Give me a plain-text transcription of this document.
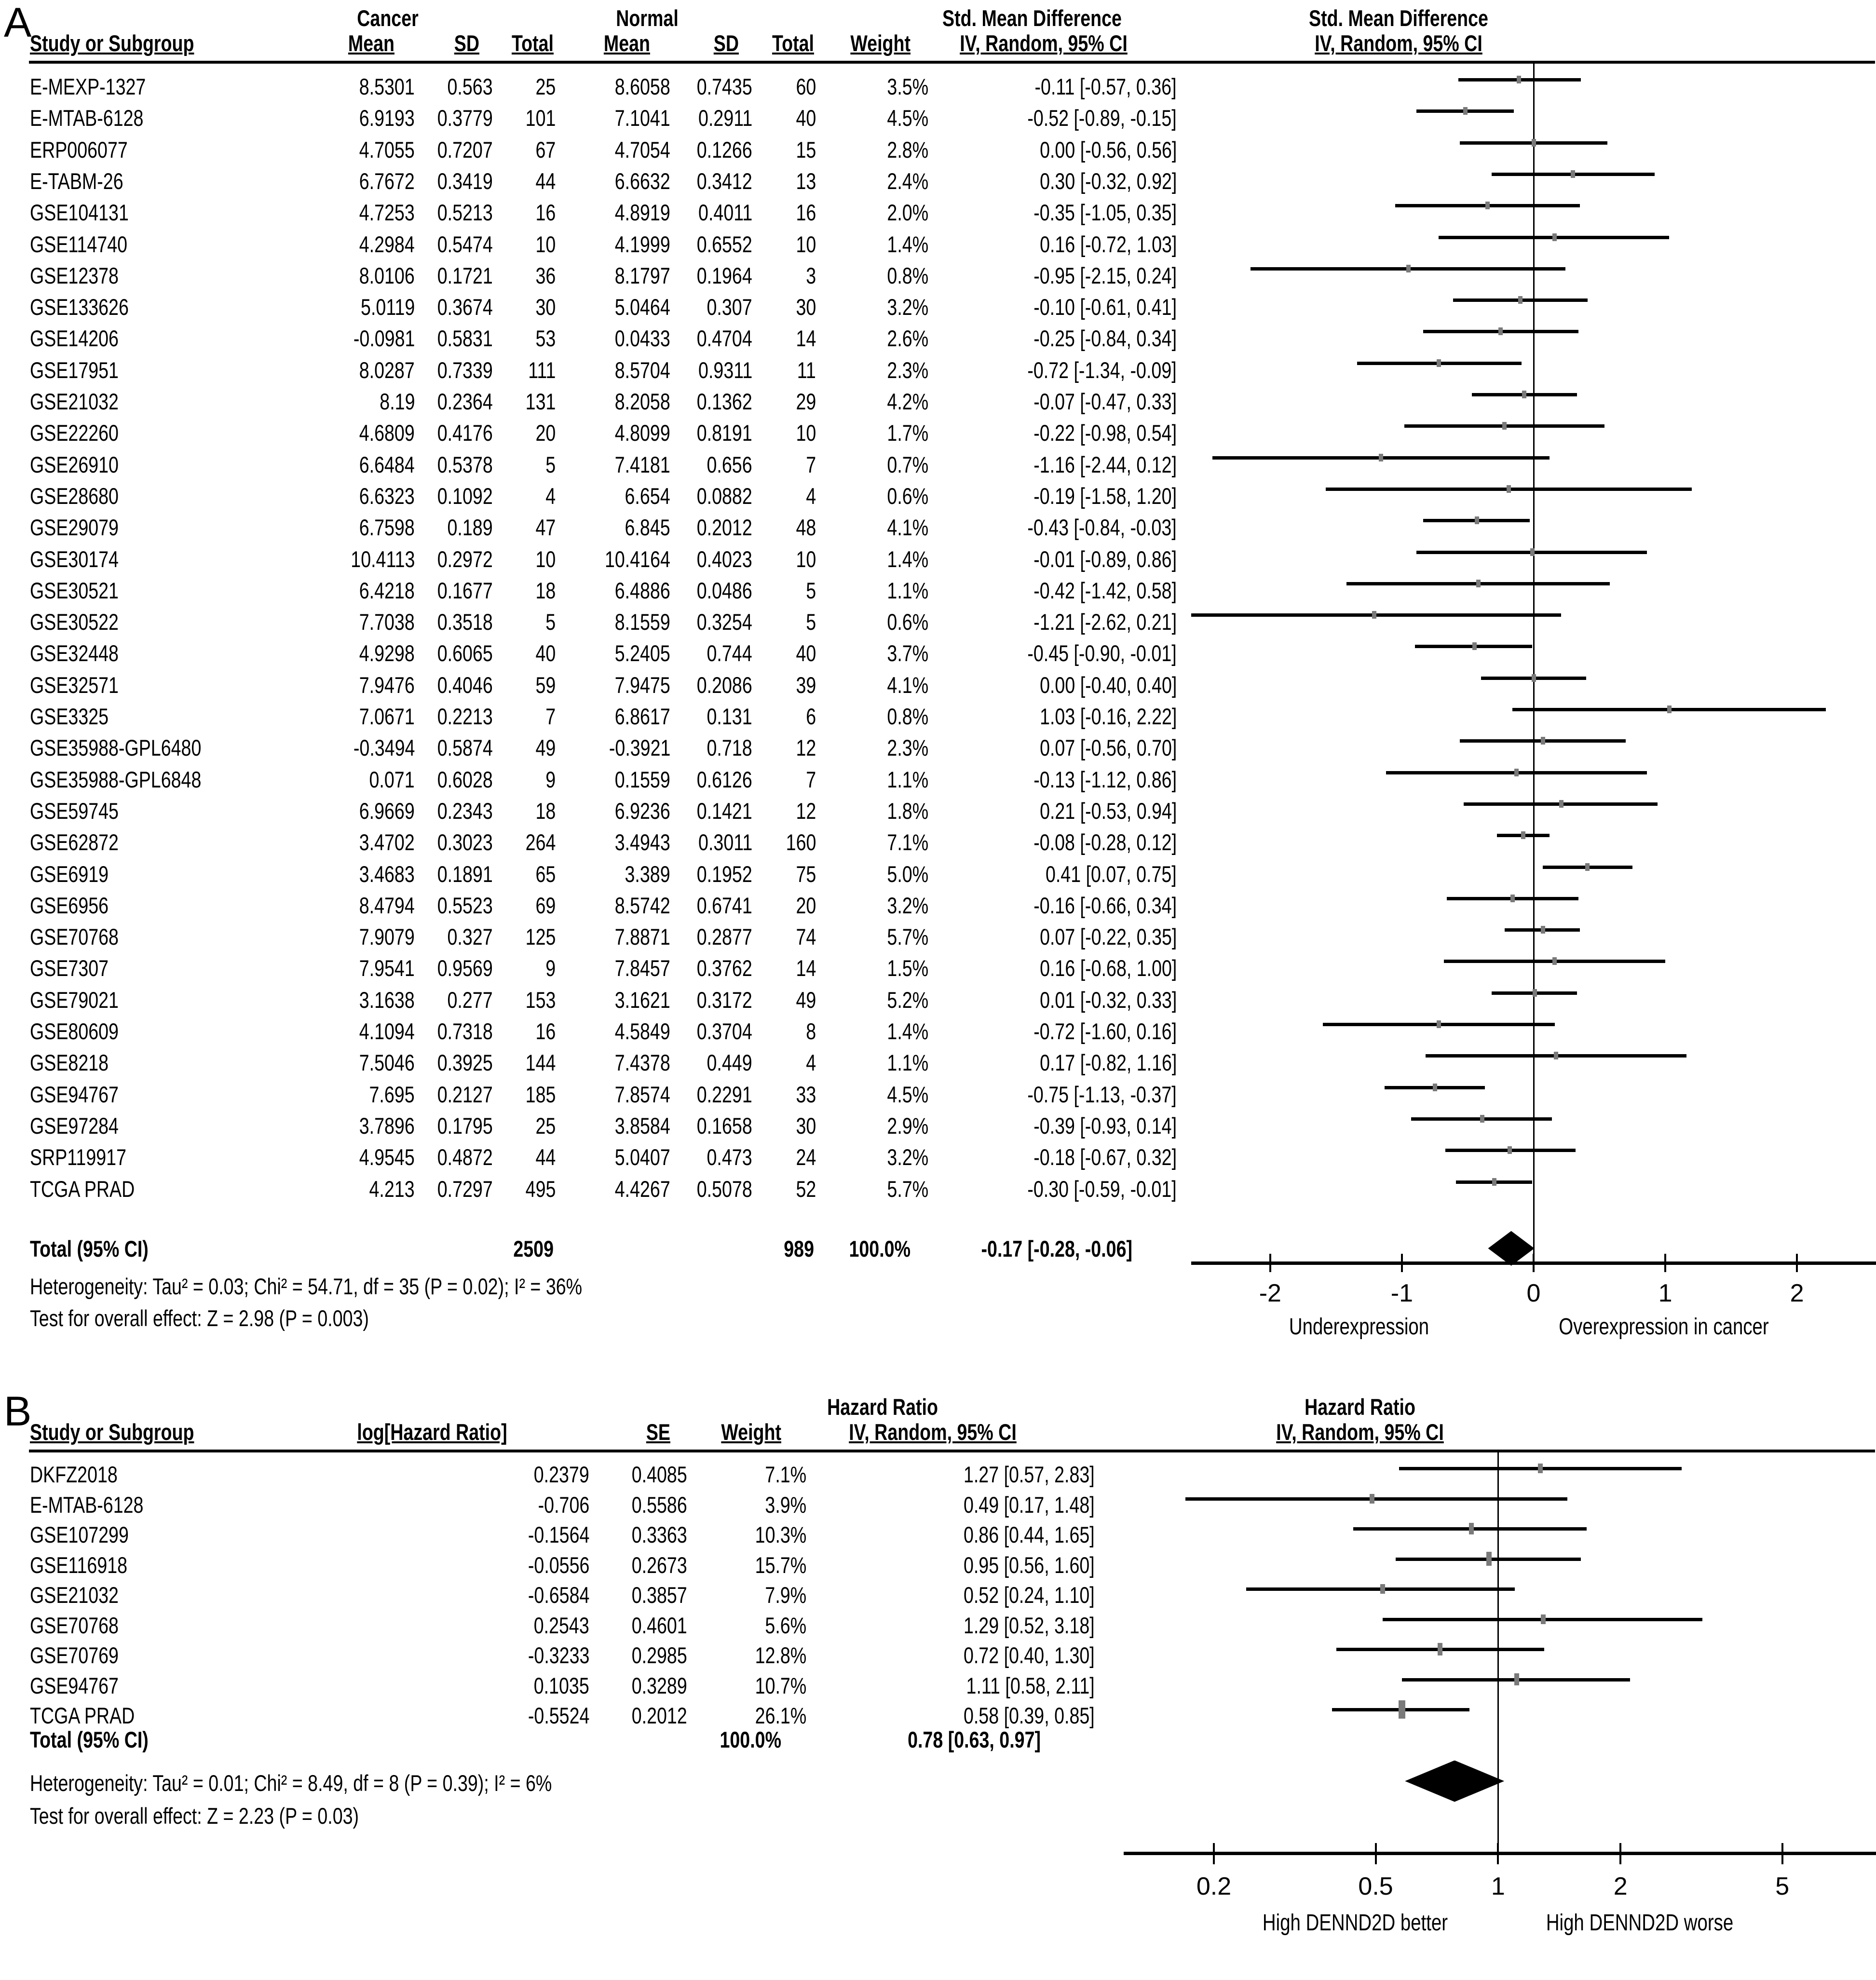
A	Cancer	Normal	Std. Mean Difference	Std. Mean Difference
Study or Subgroup	Mean	SD	Total	Mean	SD	Total	Weight IV, Random, 95% CI	IV, Random, 95% CI
E-MEXP-1327	8.5301 0.563 25	8.6058 0.7435 60	3.5%	-0.11 [-0.57, 0.36]
E-MTAB-6128	6.9193 0.3779 101	7.1041 0.2911 40	4.5%	-0.52 [-0.89, -0.15]
ERP006077	4.7055 0.7207 67	4.7054 0.1266 15	2.8%	0.00 [-0.56, 0.56]
E-TABM-26	6.7672 0.3419 44	6.6632 0.3412 13	2.4%	0.30 [-0.32, 0.92]
GSE104131	4.7253 0.5213 16	4.8919 0.4011 16	2.0%	-0.35 [-1.05, 0.35]
GSE114740	4.2984 0.5474 10	4.1999 0.6552 10	1.4%	0.16 [-0.72, 1.03]
GSE12378	8.0106 0.1721 36	8.1797 0.1964 3	0.8%	-0.95 [-2.15, 0.24]
GSE133626	5.0119 0.3674 30	5.0464 0.307 30	3.2%	-0.10 [-0.61, 0.41]
GSE14206	-0.0981 0.5831 53	0.0433 0.4704 14	2.6%	-0.25 [-0.84, 0.34]
GSE17951	8.0287 0.7339 111	8.5704 0.9311 11	2.3%	-0.72 [-1.34, -0.09]
GSE21032	8.19 0.2364 131	8.2058 0.1362 29	4.2%	-0.07 [-0.47, 0.33]
GSE22260	4.6809 0.4176 20	4.8099 0.8191 10	1.7%	-0.22 [-0.98, 0.54]
GSE26910	6.6484 0.5378 5	7.4181 0.656 7	0.7%	-1.16 [-2.44, 0.12]
GSE28680	6.6323 0.1092 4	6.654 0.0882 4	0.6%	-0.19 [-1.58, 1.20]
GSE29079	6.7598 0.189 47	6.845 0.2012 48	4.1%	-0.43 [-0.84, -0.03]
GSE30174	10.4113 0.2972 10 10.4164 0.4023 10	1.4%	-0.01 [-0.89, 0.86]
GSE30521	6.4218 0.1677 18	6.4886 0.0486 5	1.1%	-0.42 [-1.42, 0.58]
GSE30522	7.7038 0.3518 5	8.1559 0.3254 5	0.6%	-1.21 [-2.62, 0.21]
GSE32448	4.9298 0.6065 40	5.2405 0.744 40	3.7%	-0.45 [-0.90, -0.01]
GSE32571	7.9476 0.4046 59	7.9475 0.2086 39	4.1%	0.00 [-0.40, 0.40]
GSE3325	7.0671 0.2213 7	6.8617 0.131 6	0.8%	1.03 [-0.16, 2.22]
GSE35988-GPL6480	-0.3494 0.5874 49 -0.3921 0.718 12	2.3%	0.07 [-0.56, 0.70]
GSE35988-GPL6848	0.071 0.6028 9	0.1559 0.6126 7	1.1%	-0.13 [-1.12, 0.86]
GSE59745	6.9669 0.2343 18	6.9236 0.1421 12	1.8%	0.21 [-0.53, 0.94]
GSE62872	3.4702 0.3023 264	3.4943 0.3011 160	7.1%	-0.08 [-0.28, 0.12]
GSE6919	3.4683 0.1891 65	3.389 0.1952 75	5.0%	0.41 [0.07, 0.75]
GSE6956	8.4794 0.5523 69	8.5742 0.6741 20	3.2%	-0.16 [-0.66, 0.34]
GSE70768	7.9079 0.327 125	7.8871 0.2877 74	5.7%	0.07 [-0.22, 0.35]
GSE7307	7.9541 0.9569 9	7.8457 0.3762 14	1.5%	0.16 [-0.68, 1.00]
GSE79021	3.1638 0.277 153	3.1621 0.3172 49	5.2%	0.01 [-0.32, 0.33]
GSE80609	4.1094 0.7318 16	4.5849 0.3704 8	1.4%	-0.72 [-1.60, 0.16]
GSE8218	7.5046 0.3925 144	7.4378 0.449 4	1.1%	0.17 [-0.82, 1.16]
GSE94767	7.695 0.2127 185	7.8574 0.2291 33	4.5%	-0.75 [-1.13, -0.37]
GSE97284	3.7896 0.1795 25	3.8584 0.1658 30	2.9%	-0.39 [-0.93, 0.14]
SRP119917	4.9545 0.4872 44	5.0407 0.473 24	3.2%	-0.18 [-0.67, 0.32]
TCGA PRAD	4.213 0.7297 495	4.4267 0.5078 52	5.7%	-0.30 [-0.59, -0.01]
Total (95% CI)	2509	989	100.0%	-0.17 [-0.28, -0.06]
Heterogeneity: Tau² = 0.03; Chi² = 54.71, df = 35 (P = 0.02); I² = 36%
Test for overall effect: Z = 2.98 (P = 0.003)
-2	-1	0	1	2
Underexpression	Overexpression in cancer
B	Hazard Ratio	Hazard Ratio
Study or Subgroup	log[Hazard Ratio]	SE	Weight	IV, Random, 95% CI	IV, Random, 95% CI
DKFZ2018	0.2379 0.4085	7.1%	1.27 [0.57, 2.83]
E-MTAB-6128	-0.706 0.5586	3.9%	0.49 [0.17, 1.48]
GSE107299	-0.1564 0.3363	10.3%	0.86 [0.44, 1.65]
GSE116918	-0.0556 0.2673	15.7%	0.95 [0.56, 1.60]
GSE21032	-0.6584 0.3857	7.9%	0.52 [0.24, 1.10]
GSE70768	0.2543 0.4601	5.6%	1.29 [0.52, 3.18]
GSE70769	-0.3233 0.2985	12.8%	0.72 [0.40, 1.30]
GSE94767	0.1035 0.3289	10.7%	1.11 [0.58, 2.11]
TCGA PRAD	-0.5524 0.2012	26.1%	0.58 [0.39, 0.85]
Total (95% CI)	100.0%	0.78 [0.63, 0.97]
Heterogeneity: Tau² = 0.01; Chi² = 8.49, df = 8 (P = 0.39); I² = 6%
Test for overall effect: Z = 2.23 (P = 0.03)
0.2	0.5	1	2	5
High DENND2D better	High DENND2D worse
